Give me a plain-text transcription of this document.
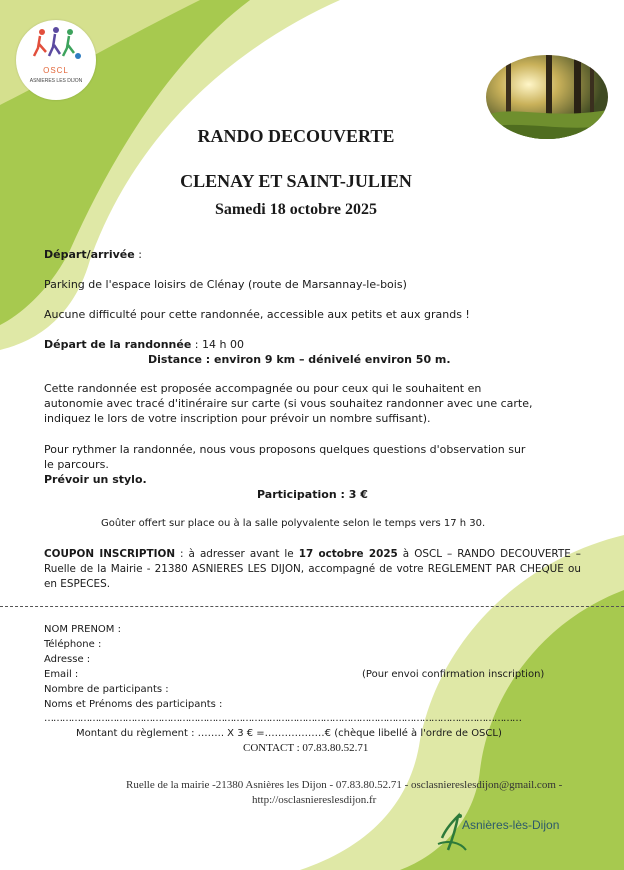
OSCL
ASNIERES LES DIJON
RANDO DECOUVERTE
CLENAY ET SAINT-JULIEN
Samedi 18 octobre 2025
Départ/arrivée :
Parking de l'espace loisirs de Clénay (route de Marsannay-le-bois)
Aucune difficulté pour cette randonnée, accessible aux petits et aux grands !
Départ de la randonnée : 14 h 00
Distance : environ 9 km – dénivelé environ 50 m.
Cette randonnée est proposée accompagnée ou pour ceux qui le souhaitent en
autonomie avec tracé d'itinéraire sur carte (si vous souhaitez randonner avec une carte,
indiquez le lors de votre inscription pour prévoir un nombre suffisant).
Pour rythmer la randonnée, nous vous proposons quelques questions d'observation sur
le parcours.
Prévoir un stylo.
Participation : 3 €
Goûter offert sur place ou à la salle polyvalente selon le temps vers 17 h 30.
COUPON INSCRIPTION : à adresser avant le 17 octobre 2025 à OSCL – RANDO DECOUVERTE – Ruelle de la Mairie - 21380 ASNIERES LES DIJON, accompagné de votre REGLEMENT PAR CHEQUE ou en ESPECES.
NOM PRENOM :
Téléphone :
Adresse :
Email :	(Pour envoi confirmation inscription)
Nombre de participants :
Noms et Prénoms des participants :
……………………………………………………………………………………………………………………………………………
Montant du règlement : …….. X 3 € =………………€ (chèque libellé à l'ordre de OSCL)
CONTACT : 07.83.80.52.71
Ruelle de la mairie -21380 Asnières les Dijon - 07.83.80.52.71 - osclasniereslesdijon@gmail.com -
http://osclasniereslesdijon.fr
Asnières-lès-Dijon
